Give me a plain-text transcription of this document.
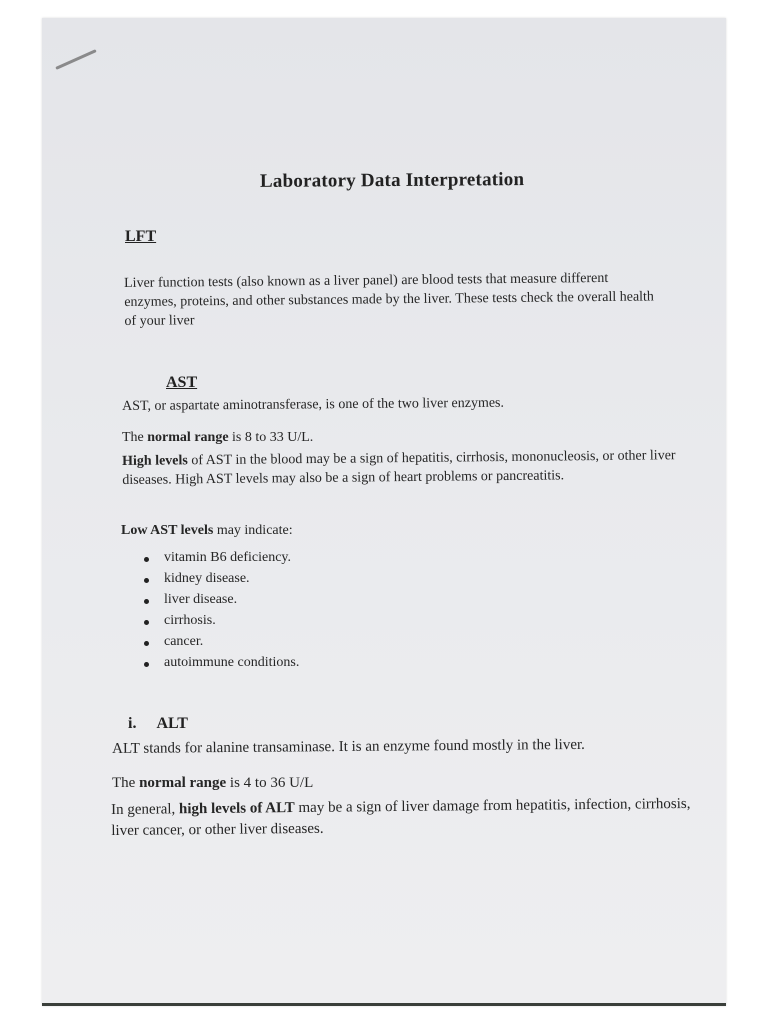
Laboratory Data Interpretation
LFT

Liver function tests (also known as a liver panel) are blood tests that measure different enzymes, proteins, and other substances made by the liver. These tests check the overall health of your liver

AST

AST, or aspartate aminotransferase, is one of the two liver enzymes.

The normal range is 8 to 33 U/L.

High levels of AST in the blood may be a sign of hepatitis, cirrhosis, mononucleosis, or other liver diseases. High AST levels may also be a sign of heart problems or pancreatitis.

Low AST levels may indicate:

vitamin B6 deficiency.
kidney disease.
liver disease.
cirrhosis.
cancer.
autoimmune conditions.
i. ALT

ALT stands for alanine transaminase. It is an enzyme found mostly in the liver.

The normal range is 4 to 36 U/L

In general, high levels of ALT may be a sign of liver damage from hepatitis, infection, cirrhosis, liver cancer, or other liver diseases.
